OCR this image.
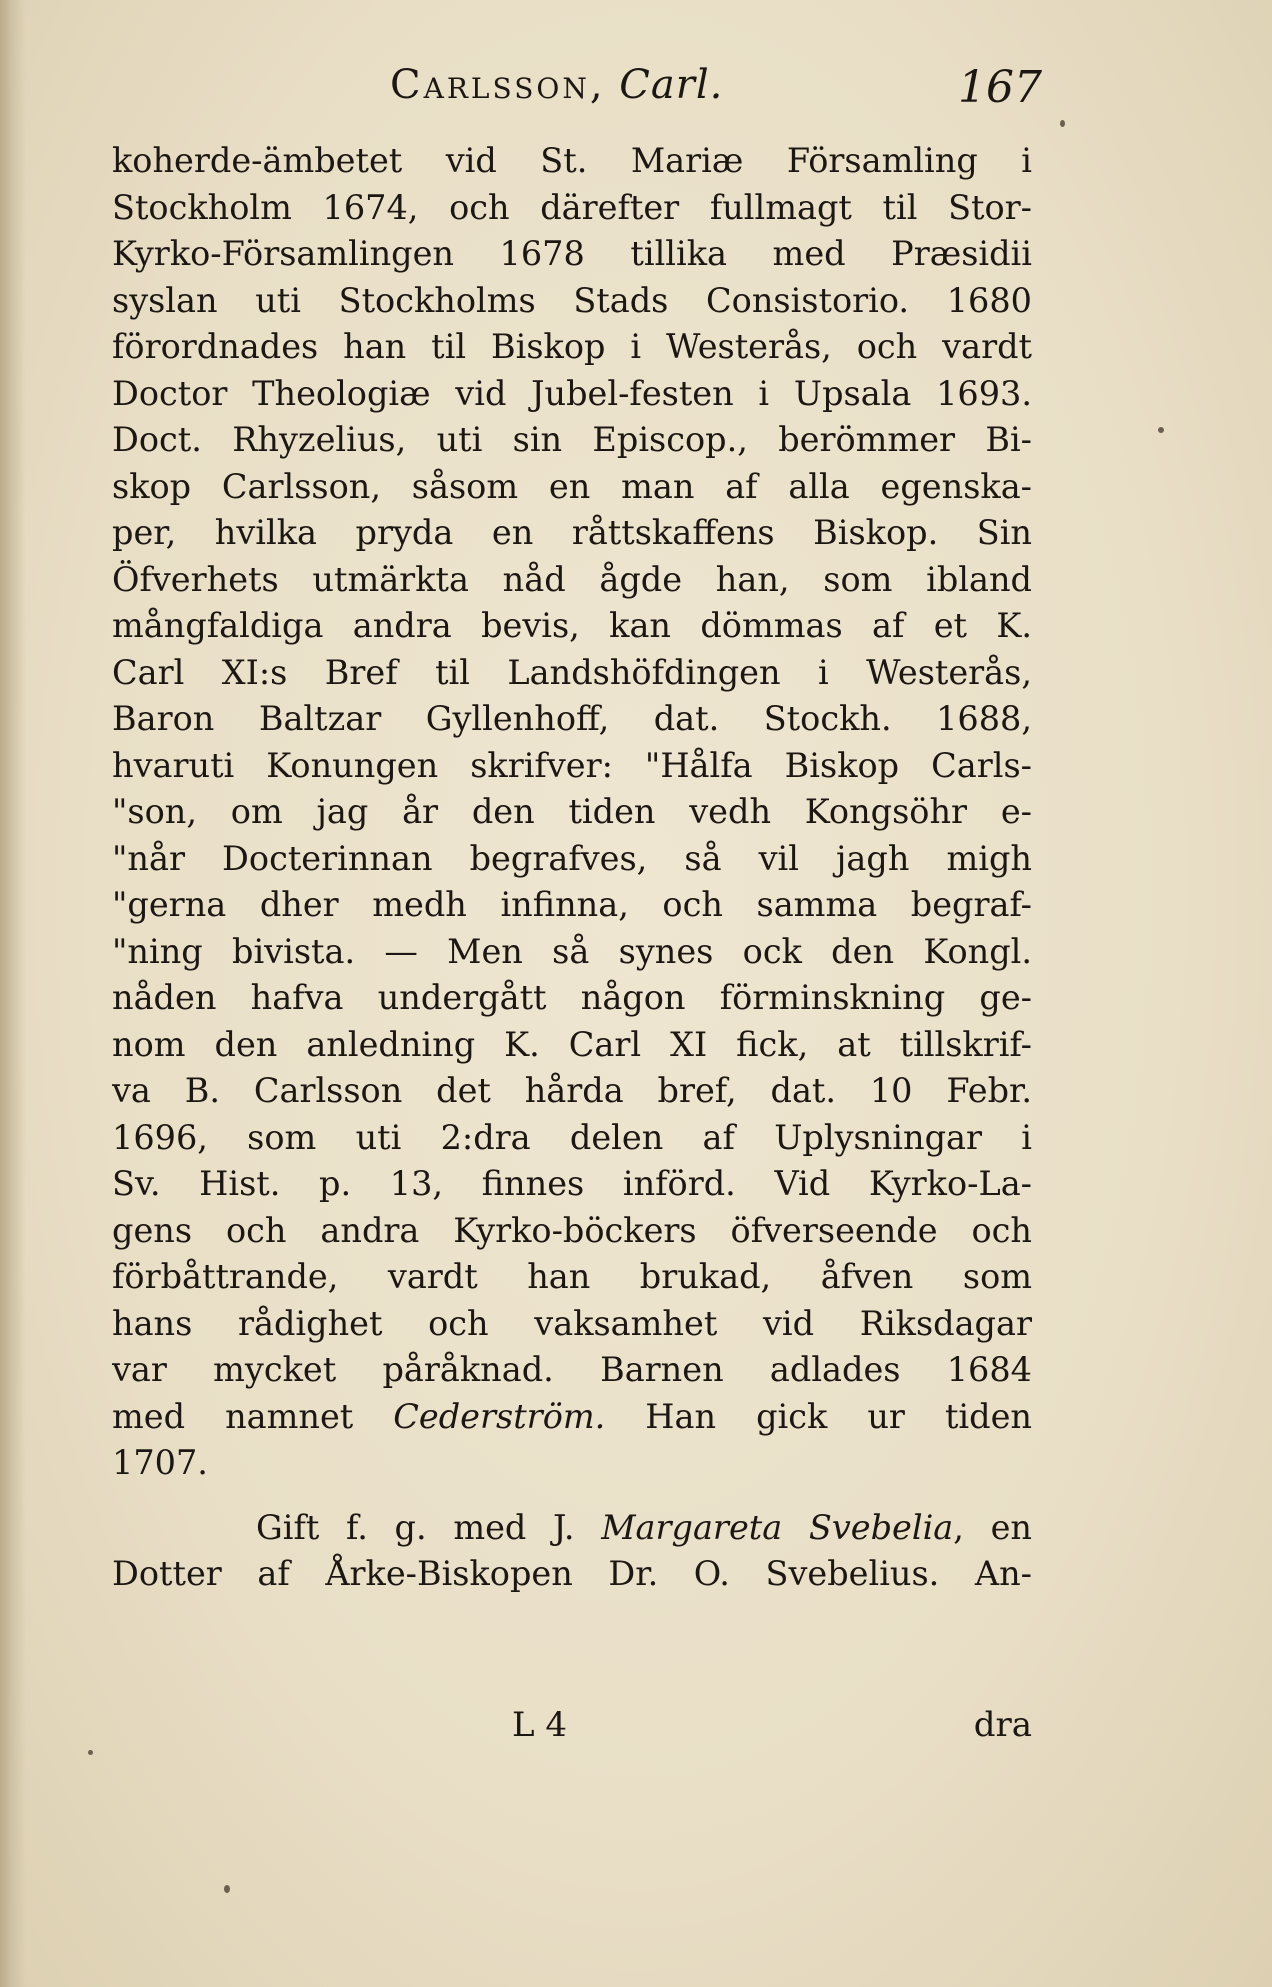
Carlsson, Carl.	167
koherde-ämbetet vid St. Mariæ Församling i
Stockholm 1674, och därefter fullmagt til Stor-
Kyrko-Församlingen 1678 tillika med Præsidii
syslan uti Stockholms Stads Consistorio. 1680
förordnades han til Biskop i Westerås, och vardt
Doctor Theologiæ vid Jubel-festen i Upsala 1693.
Doct. Rhyzelius, uti sin Episcop., berömmer Bi-
skop Carlsson, såsom en man af alla egenska-
per, hvilka pryda en råttskaffens Biskop. Sin
Öfverhets utmärkta nåd ågde han, som ibland
mångfaldiga andra bevis, kan dömmas af et K.
Carl XI:s Bref til Landshöfdingen i Westerås,
Baron Baltzar Gyllenhoff, dat. Stockh. 1688,
hvaruti Konungen skrifver: "Hålfa Biskop Carls-
"son, om jag år den tiden vedh Kongsöhr e-
"når Docterinnan begrafves, så vil jagh migh
"gerna dher medh infinna, och samma begraf-
"ning bivista. — Men så synes ock den Kongl.
nåden hafva undergått någon förminskning ge-
nom den anledning K. Carl XI fick, at tillskrif-
va B. Carlsson det hårda bref, dat. 10 Febr.
1696, som uti 2:dra delen af Uplysningar i
Sv. Hist. p. 13, finnes införd. Vid Kyrko-La-
gens och andra Kyrko-böckers öfverseende och
förbåttrande, vardt han brukad, åfven som
hans rådighet och vaksamhet vid Riksdagar
var mycket påråknad. Barnen adlades 1684
med namnet Cederström. Han gick ur tiden
1707.
Gift f. g. med J. Margareta Svebelia, en
Dotter af Årke-Biskopen Dr. O. Svebelius. An-
L 4	dra
